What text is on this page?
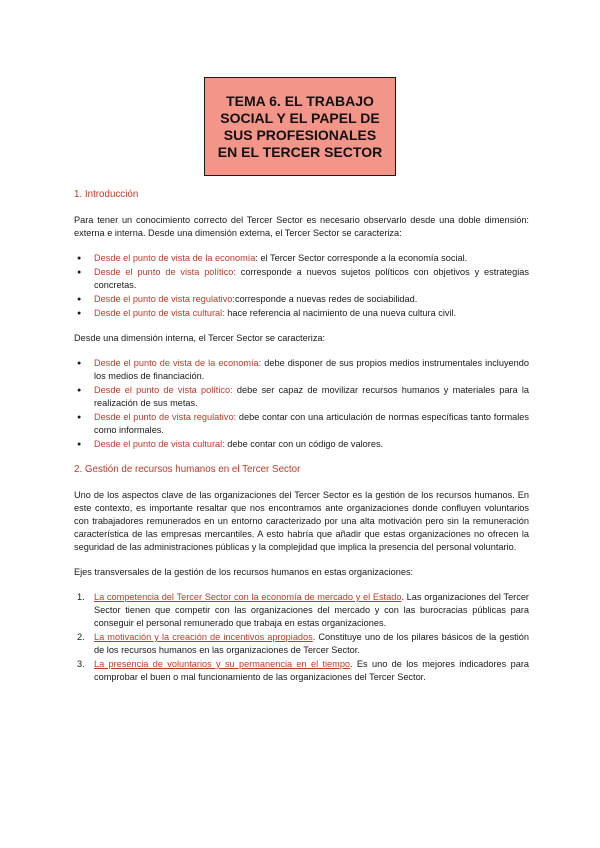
TEMA 6. EL TRABAJO
SOCIAL Y EL PAPEL DE
SUS PROFESIONALES
EN EL TERCER SECTOR
1. Introducción

Para tener un conocimiento correcto del Tercer Sector es necesario observarlo desde una doble dimensión: externa e interna. Desde una dimensión externa, el Tercer Sector se caracteriza:

● Desde el punto de vista de la economía: el Tercer Sector corresponde a la economía social.
● Desde el punto de vista político: corresponde a nuevos sujetos políticos con objetivos y estrategias concretas.
● Desde el punto de vista regulativo:corresponde a nuevas redes de sociabilidad.
● Desde el punto de vista cultural: hace referencia al nacimiento de una nueva cultura civil.

Desde una dimensión interna, el Tercer Sector se caracteriza:

● Desde el punto de vista de la economía: debe disponer de sus propios medios instrumentales incluyendo los medios de financiación.
● Desde el punto de vista político: debe ser capaz de movilizar recursos humanos y materiales para la realización de sus metas.
● Desde el punto de vista regulativo: debe contar con una articulación de normas específicas tanto formales como informales.
● Desde el punto de vista cultural: debe contar con un código de valores.
2. Gestión de recursos humanos en el Tercer Sector

Uno de los aspectos clave de las organizaciones del Tercer Sector es la gestión de los recursos humanos. En este contexto, es importante resaltar que nos encontramos ante organizaciones donde confluyen voluntarios con trabajadores remunerados en un entorno caracterizado por una alta motivación pero sin la remuneración característica de las empresas mercantiles. A esto habría que añadir que estas organizaciones no ofrecen la seguridad de las administraciones públicas y la complejidad que implica la presencia del personal voluntario.

Ejes transversales de la gestión de los recursos humanos en estas organizaciones:

1. La competencia del Tercer Sector con la economía de mercado y el Estado. Las organizaciones del Tercer Sector tienen que competir con las organizaciones del mercado y con las burocracias públicas para conseguir el personal remunerado que trabaja en estas organizaciones.
2. La motivación y la creación de incentivos apropiados. Constituye uno de los pilares básicos de la gestión de los recursos humanos en las organizaciones de Tercer Sector.
3. La presencia de voluntarios y su permanencia en el tiempo. Es uno de los mejores indicadores para comprobar el buen o mal funcionamiento de las organizaciones del Tercer Sector.
